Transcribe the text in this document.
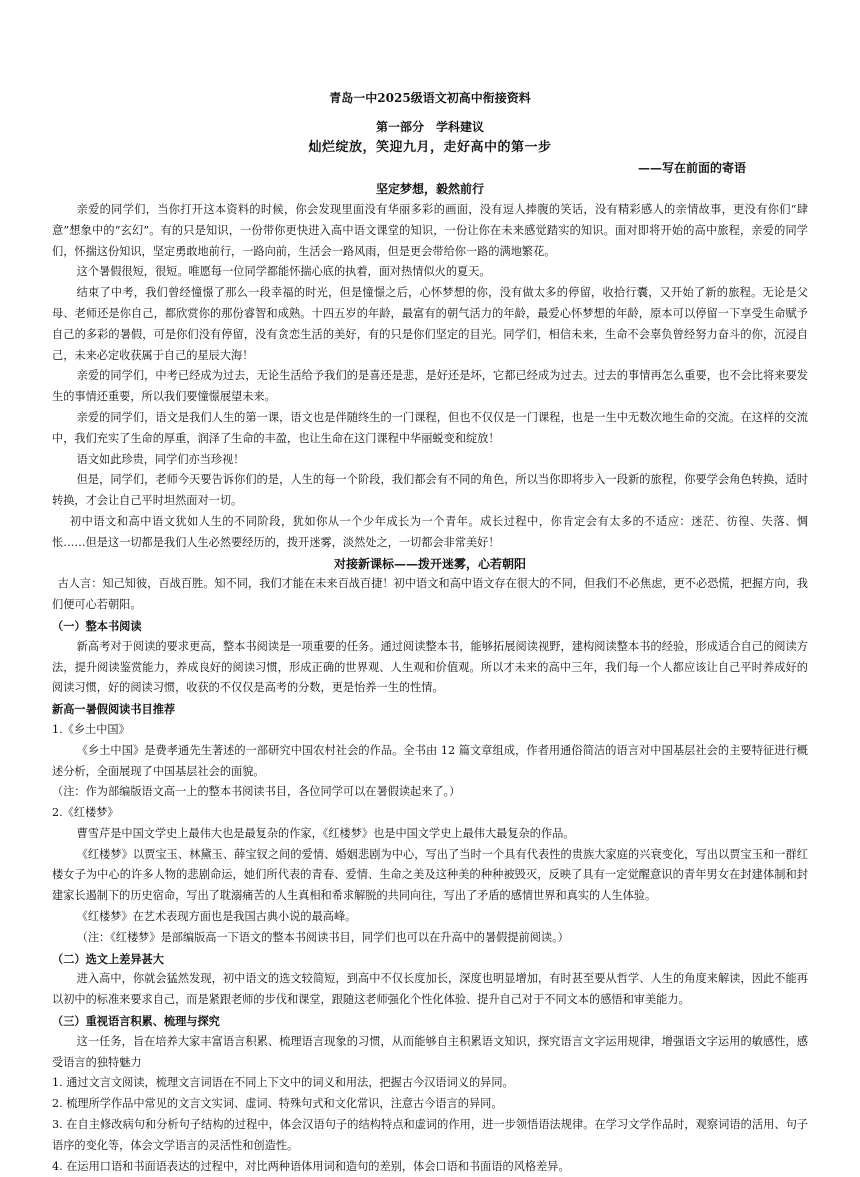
青岛一中2025级语文初高中衔接资料
第一部分　学科建议
灿烂绽放，笑迎九月，走好高中的第一步
——写在前面的寄语
坚定梦想，毅然前行

亲爱的同学们，当你打开这本资料的时候，你会发现里面没有华丽多彩的画面，没有逗人捧腹的笑话，没有精彩感人的亲情故事，更没有你们“肆意”想象中的“玄幻”。有的只是知识，一份带你更快进入高中语文课堂的知识，一份让你在未来感觉踏实的知识。面对即将开始的高中旅程，亲爱的同学们，怀揣这份知识，坚定勇敢地前行，一路向前，生活会一路风雨，但是更会带给你一路的满地繁花。

这个暑假很短，很短。唯愿每一位同学都能怀揣心底的执着，面对热情似火的夏天。

结束了中考，我们曾经憧憬了那么一段幸福的时光，但是憧憬之后，心怀梦想的你，没有做太多的停留，收拾行囊，又开始了新的旅程。无论是父母、老师还是你自己，都欣赏你的那份睿智和成熟。十四五岁的年龄，最富有的朝气活力的年龄，最爱心怀梦想的年龄，原本可以停留一下享受生命赋予自己的多彩的暑假，可是你们没有停留，没有贪恋生活的美好，有的只是你们坚定的目光。同学们，相信未来，生命不会辜负曾经努力奋斗的你，沉浸自己，未来必定收获属于自己的星辰大海！

亲爱的同学们，中考已经成为过去，无论生活给予我们的是喜还是悲，是好还是坏，它都已经成为过去。过去的事情再怎么重要，也不会比将来要发生的事情还重要，所以我们要憧憬展望未来。

亲爱的同学们，语文是我们人生的第一课，语文也是伴随终生的一门课程，但也不仅仅是一门课程，也是一生中无数次地生命的交流。在这样的交流中，我们充实了生命的厚重，润泽了生命的丰盈，也让生命在这门课程中华丽蜕变和绽放！

语文如此珍贵，同学们亦当珍视！

但是，同学们，老师今天要告诉你们的是，人生的每一个阶段，我们都会有不同的角色，所以当你即将步入一段新的旅程，你要学会角色转换，适时转换，才会让自己平时坦然面对一切。

初中语文和高中语文犹如人生的不同阶段，犹如你从一个少年成长为一个青年。成长过程中，你肯定会有太多的不适应：迷茫、彷徨、失落、惆怅……但是这一切都是我们人生必然要经历的，拨开迷雾，淡然处之，一切都会非常美好！

对接新课标——拨开迷雾，心若朝阳

古人言：知己知彼，百战百胜。知不同，我们才能在未来百战百捷！初中语文和高中语文存在很大的不同，但我们不必焦虑，更不必恐慌，把握方向，我们便可心若朝阳。

（一）整本书阅读

新高考对于阅读的要求更高，整本书阅读是一项重要的任务。通过阅读整本书，能够拓展阅读视野，建构阅读整本书的经验，形成适合自己的阅读方法，提升阅读鉴赏能力，养成良好的阅读习惯，形成正确的世界观、人生观和价值观。所以才未来的高中三年，我们每一个人都应该让自己平时养成好的阅读习惯，好的阅读习惯，收获的不仅仅是高考的分数，更是怡养一生的性情。

新高一暑假阅读书目推荐
1.《乡土中国》

《乡土中国》是费孝通先生著述的一部研究中国农村社会的作品。全书由 12 篇文章组成，作者用通俗简洁的语言对中国基层社会的主要特征进行概述分析，全面展现了中国基层社会的面貌。

（注：作为部编版语文高一上的整本书阅读书目，各位同学可以在暑假读起来了。）

2.《红楼梦》

曹雪芹是中国文学史上最伟大也是最复杂的作家，《红楼梦》也是中国文学史上最伟大最复杂的作品。

《红楼梦》以贾宝玉、林黛玉、薛宝钗之间的爱情、婚姻悲剧为中心，写出了当时一个具有代表性的贵族大家庭的兴衰变化，写出以贾宝玉和一群红楼女子为中心的许多人物的悲剧命运，她们所代表的青春、爱情、生命之美及这种美的种种被毁灭，反映了具有一定觉醒意识的青年男女在封建体制和封建家长遏制下的历史宿命，写出了耽溺痛苦的人生真相和希求解脱的共同向往，写出了矛盾的感情世界和真实的人生体验。

《红楼梦》在艺术表现方面也是我国古典小说的最高峰。

（注：《红楼梦》是部编版高一下语文的整本书阅读书目，同学们也可以在升高中的暑假提前阅读。）

（二）选文上差异甚大

进入高中，你就会猛然发现，初中语文的选文较简短，到高中不仅长度加长，深度也明显增加，有时甚至要从哲学、人生的角度来解读，因此不能再以初中的标准来要求自己，而是紧跟老师的步伐和课堂，跟随这老师强化个性化体验、提升自己对于不同文本的感悟和审美能力。

（三）重视语言积累、梳理与探究

这一任务，旨在培养大家丰富语言积累、梳理语言现象的习惯，从而能够自主积累语文知识，探究语言文字运用规律，增强语文字运用的敏感性，感受语言的独特魅力

1. 通过文言文阅读，梳理文言词语在不同上下文中的词义和用法，把握古今汉语词义的异同。

2. 梳理所学作品中常见的文言文实词、虚词、特殊句式和文化常识，注意古今语言的异同。

3. 在自主修改病句和分析句子结构的过程中，体会汉语句子的结构特点和虚词的作用，进一步领悟语法规律。在学习文学作品时，观察词语的活用、句子语序的变化等，体会文学语言的灵活性和创造性。

4. 在运用口语和书面语表达的过程中，对比两种语体用词和造句的差别，体会口语和书面语的风格差异。
